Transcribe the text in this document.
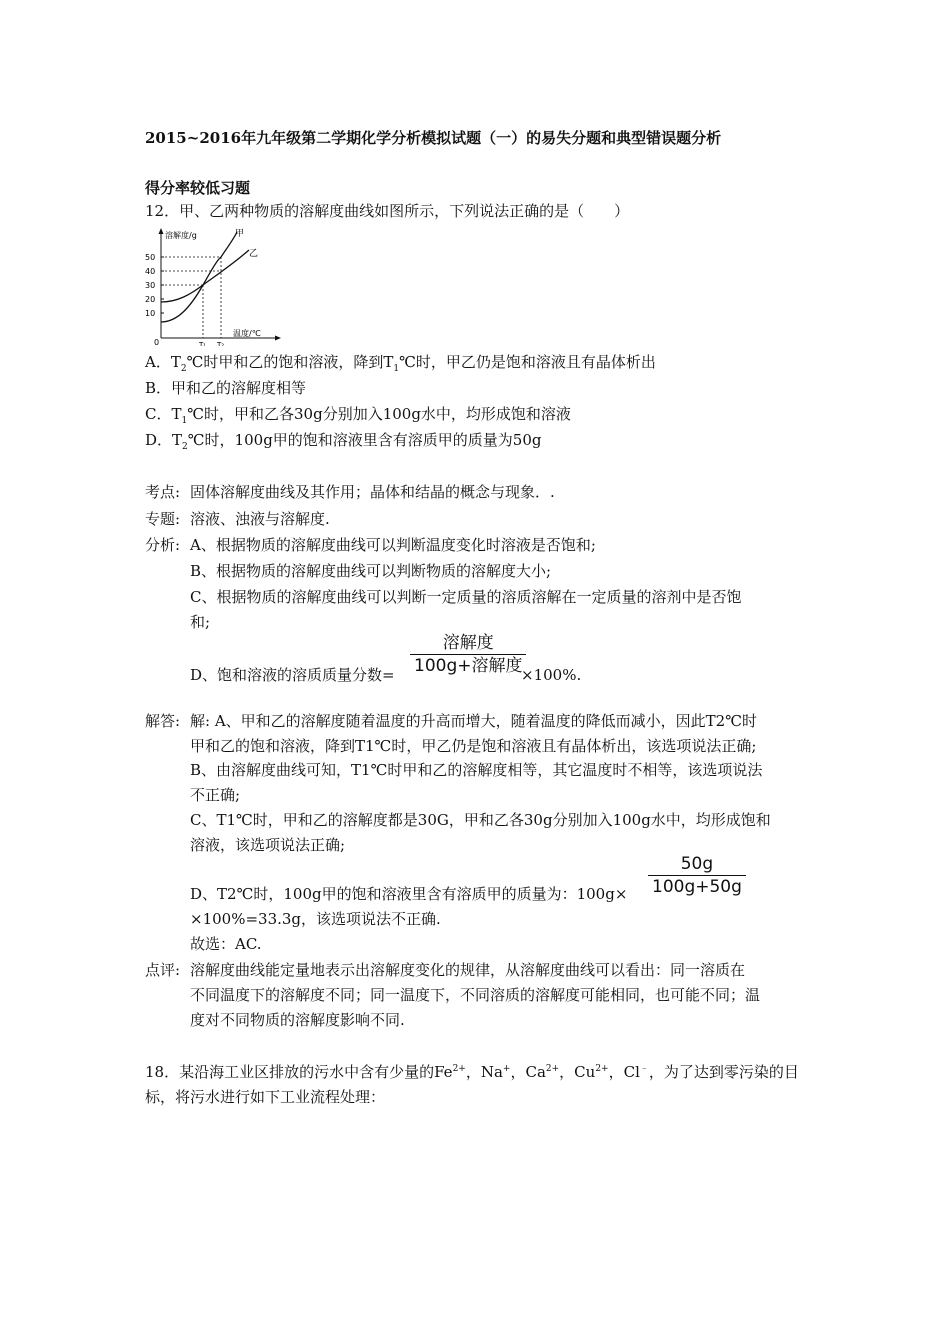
2015~2016年九年级第二学期化学分析模拟试题（一）的易失分题和典型错误题分析
得分率较低习题
12．甲、乙两种物质的溶解度曲线如图所示，下列说法正确的是（　　）
50
40
30
20
10
0
溶解度/g	甲
乙
T₁ T₂
温度/℃
A．$T_2℃$时甲和乙的饱和溶液，降到$T_1℃$时，甲乙仍是饱和溶液且有晶体析出
B．甲和乙的溶解度相等
C．$T_1℃$时，甲和乙各30g分别加入100g水中，均形成饱和溶液
D．$T_2℃$时，100g甲的饱和溶液里含有溶质甲的质量为50g
考点: 固体溶解度曲线及其作用；晶体和结晶的概念与现象．.
专题: 溶液、浊液与溶解度.
分析: A、根据物质的溶解度曲线可以判断温度变化时溶液是否饱和;
B、根据物质的溶解度曲线可以判断物质的溶解度大小;
C、根据物质的溶解度曲线可以判断一定质量的溶质溶解在一定质量的溶剂中是否饱
和;
D、饱和溶液的溶质质量分数=
溶解度
100g+溶解度
×100%.
解答: 解: A、甲和乙的溶解度随着温度的升高而增大，随着温度的降低而减小，因此T2℃时
甲和乙的饱和溶液，降到T1℃时，甲乙仍是饱和溶液且有晶体析出，该选项说法正确;
B、由溶解度曲线可知，T1℃时甲和乙的溶解度相等，其它温度时不相等，该选项说法
不正确;
C、T1℃时，甲和乙的溶解度都是30G，甲和乙各30g分别加入100g水中，均形成饱和
溶液，该选项说法正确;
D、T2℃时，100g甲的饱和溶液里含有溶质甲的质量为：100g×
50g
100g+50g
×100%=33.3g，该选项说法不正确.
故选：AC.
点评: 溶解度曲线能定量地表示出溶解度变化的规律，从溶解度曲线可以看出：同一溶质在
不同温度下的溶解度不同；同一温度下，不同溶质的溶解度可能相同，也可能不同；温
度对不同物质的溶解度影响不同.
18．某沿海工业区排放的污水中含有少量的$Fe^{2+}$，Na+，$Ca^{2+}$，$Cu^{2+}$，Cl﹣，为了达到零污染的目
标，将污水进行如下工业流程处理：
